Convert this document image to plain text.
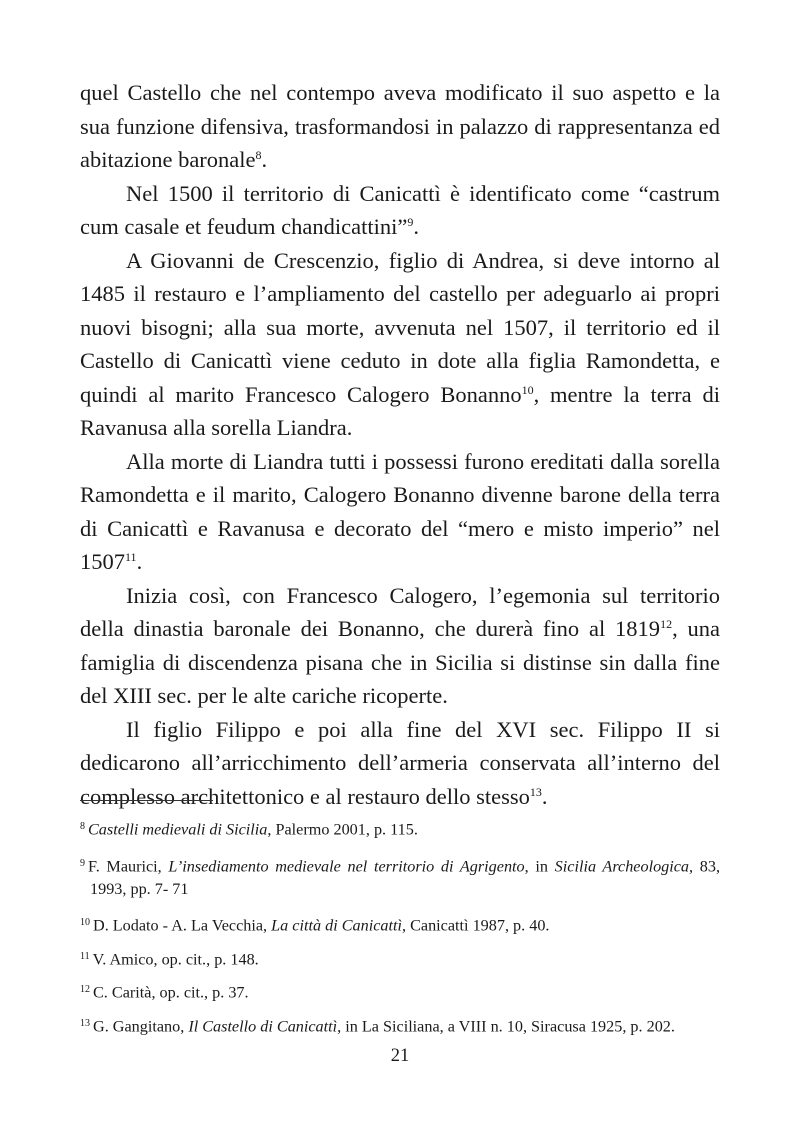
quel Castello che nel contempo aveva modificato il suo aspetto e la sua funzione difensiva, trasformandosi in palazzo di rappresentanza ed abitazione baronale$^8$.

Nel 1500 il territorio di Canicattì è identificato come “castrum cum casale et feudum chandicattini”$^9$.

A Giovanni de Crescenzio, figlio di Andrea, si deve intorno al 1485 il restauro e l’ampliamento del castello per adeguarlo ai propri nuovi bisogni; alla sua morte, avvenuta nel 1507, il territorio ed il Castello di Canicattì viene ceduto in dote alla figlia Ramondetta, e quindi al marito Francesco Calogero Bonanno$^{10}$, mentre la terra di Ravanusa alla sorella Liandra.

Alla morte di Liandra tutti i possessi furono ereditati dalla sorella Ramondetta e il marito, Calogero Bonanno divenne barone della terra di Canicattì e Ravanusa e decorato del “mero e misto imperio” nel 1507$^{11}$.

Inizia così, con Francesco Calogero, l’egemonia sul territorio della dinastia baronale dei Bonanno, che durerà fino al 1819$^{12}$, una famiglia di discendenza pisana che in Sicilia si distinse sin dalla fine del XIII sec. per le alte cariche ricoperte.

Il figlio Filippo e poi alla fine del XVI sec. Filippo II si dedicarono all’arricchimento dell’armeria conservata all’interno del complesso architettonico e al restauro dello stesso$^{13}$.

$^8$ Castelli medievali di Sicilia, Palermo 2001, p. 115.

$^9$ F. Maurici, L’insediamento medievale nel territorio di Agrigento, in Sicilia Archeologica, 83, 1993, pp. 7- 71

$^{10}$ D. Lodato - A. La Vecchia, La città di Canicattì, Canicattì 1987, p. 40.

$^{11}$ V. Amico, op. cit., p. 148.

$^{12}$ C. Carità, op. cit., p. 37.

$^{13}$ G. Gangitano, Il Castello di Canicattì, in La Siciliana, a VIII n. 10, Siracusa 1925, p. 202.

21
